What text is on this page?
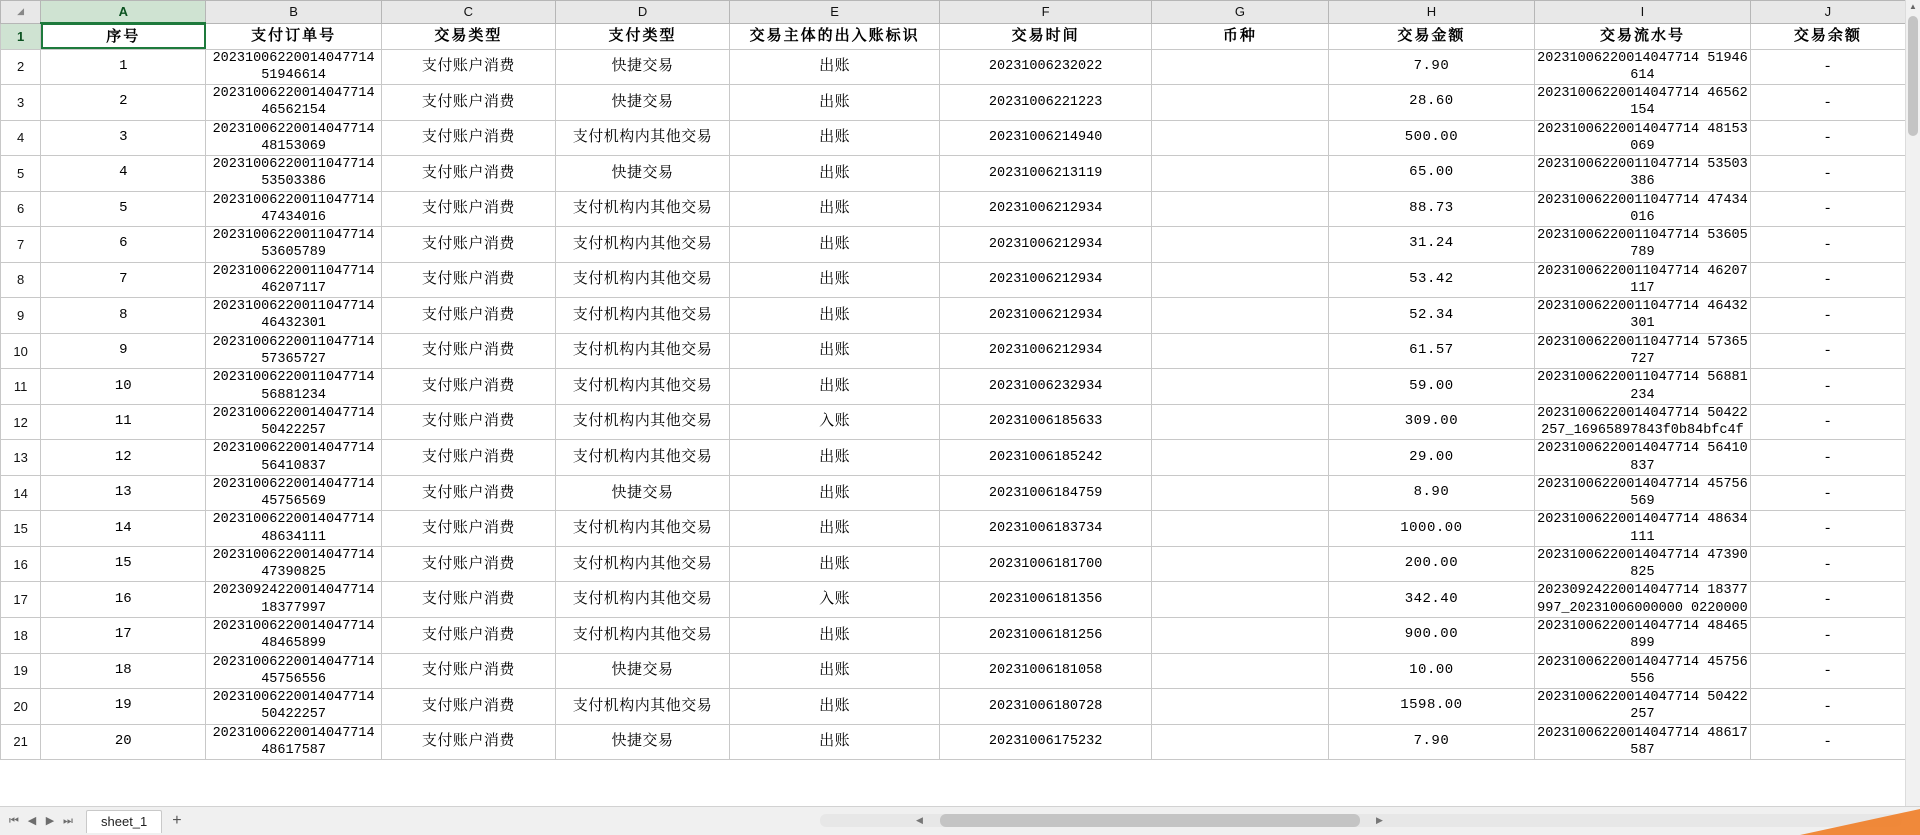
◢	A	B	C	D	E	F	G	H	I	J
1	序号	支付订单号	交易类型	支付类型	交易主体的出入账标识	交易时间	币种	交易金额	交易流水号	交易余额
2	1	20231006220014047714 51946614	支付账户消费	快捷交易	出账	20231006232022		7.90	20231006220014047714 51946614	-
3	2	20231006220014047714 46562154	支付账户消费	快捷交易	出账	20231006221223		28.60	20231006220014047714 46562154	-
4	3	20231006220014047714 48153069	支付账户消费	支付机构内其他交易	出账	20231006214940		500.00	20231006220014047714 48153069	-
5	4	20231006220011047714 53503386	支付账户消费	快捷交易	出账	20231006213119		65.00	20231006220011047714 53503386	-
6	5	20231006220011047714 47434016	支付账户消费	支付机构内其他交易	出账	20231006212934		88.73	20231006220011047714 47434016	-
7	6	20231006220011047714 53605789	支付账户消费	支付机构内其他交易	出账	20231006212934		31.24	20231006220011047714 53605789	-
8	7	20231006220011047714 46207117	支付账户消费	支付机构内其他交易	出账	20231006212934		53.42	20231006220011047714 46207117	-
9	8	20231006220011047714 46432301	支付账户消费	支付机构内其他交易	出账	20231006212934		52.34	20231006220011047714 46432301	-
10	9	20231006220011047714 57365727	支付账户消费	支付机构内其他交易	出账	20231006212934		61.57	20231006220011047714 57365727	-
11	10	20231006220011047714 56881234	支付账户消费	支付机构内其他交易	出账	20231006232934		59.00	20231006220011047714 56881234	-
12	11	20231006220014047714 50422257	支付账户消费	支付机构内其他交易	入账	20231006185633		309.00	20231006220014047714 50422257_16965897843f0b84bfc4f	-
13	12	20231006220014047714 56410837	支付账户消费	支付机构内其他交易	出账	20231006185242		29.00	20231006220014047714 56410837	-
14	13	20231006220014047714 45756569	支付账户消费	快捷交易	出账	20231006184759		8.90	20231006220014047714 45756569	-
15	14	20231006220014047714 48634111	支付账户消费	支付机构内其他交易	出账	20231006183734		1000.00	20231006220014047714 48634111	-
16	15	20231006220014047714 47390825	支付账户消费	支付机构内其他交易	出账	20231006181700		200.00	20231006220014047714 47390825	-
17	16	20230924220014047714 18377997	支付账户消费	支付机构内其他交易	入账	20231006181356		342.40	20230924220014047714 18377997_20231006000000 0220000	-
18	17	20231006220014047714 48465899	支付账户消费	支付机构内其他交易	出账	20231006181256		900.00	20231006220014047714 48465899	-
19	18	20231006220014047714 45756556	支付账户消费	快捷交易	出账	20231006181058		10.00	20231006220014047714 45756556	-
20	19	20231006220014047714 50422257	支付账户消费	支付机构内其他交易	出账	20231006180728		1598.00	20231006220014047714 50422257	-
21	20	20231006220014047714 48617587	支付账户消费	快捷交易	出账	20231006175232		7.90	20231006220014047714 48617587	-
▲
⏮ ◀ ▶ ⏭	sheet_1	+	◀	▶
